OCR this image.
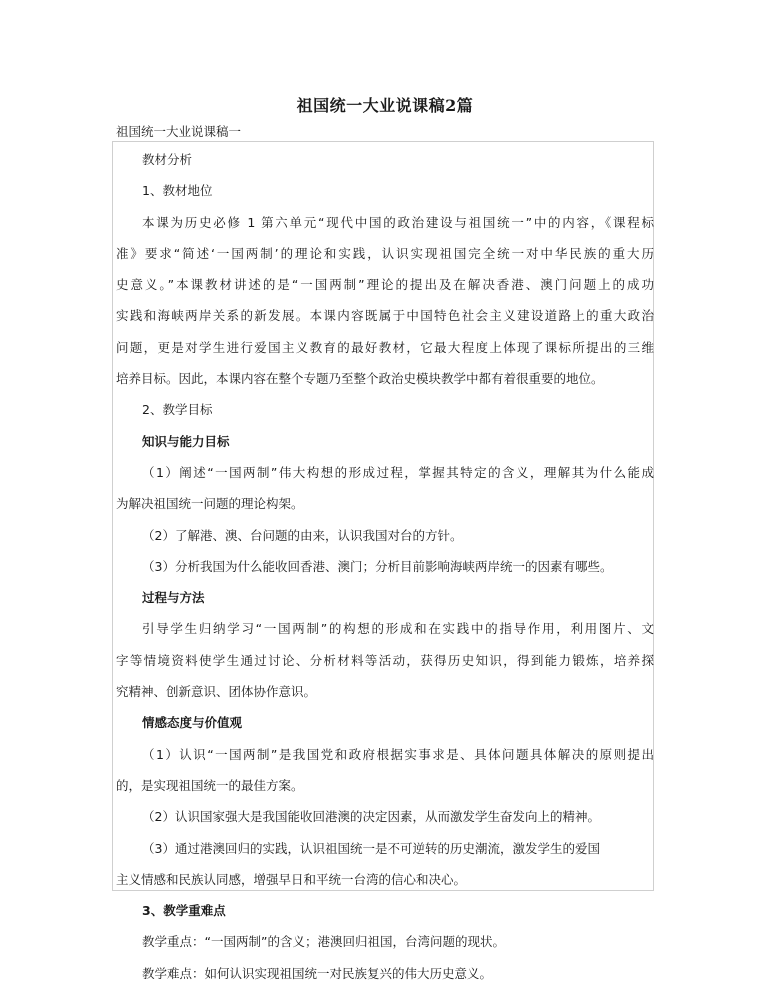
祖国统一大业说课稿2篇
祖国统一大业说课稿一
教材分析
1、教材地位
本课为历史必修 1 第六单元“现代中国的政治建设与祖国统一”中的内容，《课程标
准》要求“简述‘一国两制’的理论和实践，认识实现祖国完全统一对中华民族的重大历
史意义。”本课教材讲述的是“一国两制”理论的提出及在解决香港、澳门问题上的成功
实践和海峡两岸关系的新发展。本课内容既属于中国特色社会主义建设道路上的重大政治
问题，更是对学生进行爱国主义教育的最好教材，它最大程度上体现了课标所提出的三维
培养目标。因此，本课内容在整个专题乃至整个政治史模块教学中都有着很重要的地位。
2、教学目标
知识与能力目标
（1）阐述“一国两制”伟大构想的形成过程，掌握其特定的含义，理解其为什么能成
为解决祖国统一问题的理论构架。
（2）了解港、澳、台问题的由来，认识我国对台的方针。
（3）分析我国为什么能收回香港、澳门；分析目前影响海峡两岸统一的因素有哪些。
过程与方法
引导学生归纳学习“一国两制”的构想的形成和在实践中的指导作用，利用图片、文
字等情境资料使学生通过讨论、分析材料等活动，获得历史知识，得到能力锻炼，培养探
究精神、创新意识、团体协作意识。
情感态度与价值观
（1）认识“一国两制”是我国党和政府根据实事求是、具体问题具体解决的原则提出
的，是实现祖国统一的最佳方案。
（2）认识国家强大是我国能收回港澳的决定因素，从而激发学生奋发向上的精神。
（3）通过港澳回归的实践，认识祖国统一是不可逆转的历史潮流，激发学生的爱国
主义情感和民族认同感，增强早日和平统一台湾的信心和决心。
3、教学重难点
教学重点：“一国两制”的含义；港澳回归祖国，台湾问题的现状。
教学难点：如何认识实现祖国统一对民族复兴的伟大历史意义。
